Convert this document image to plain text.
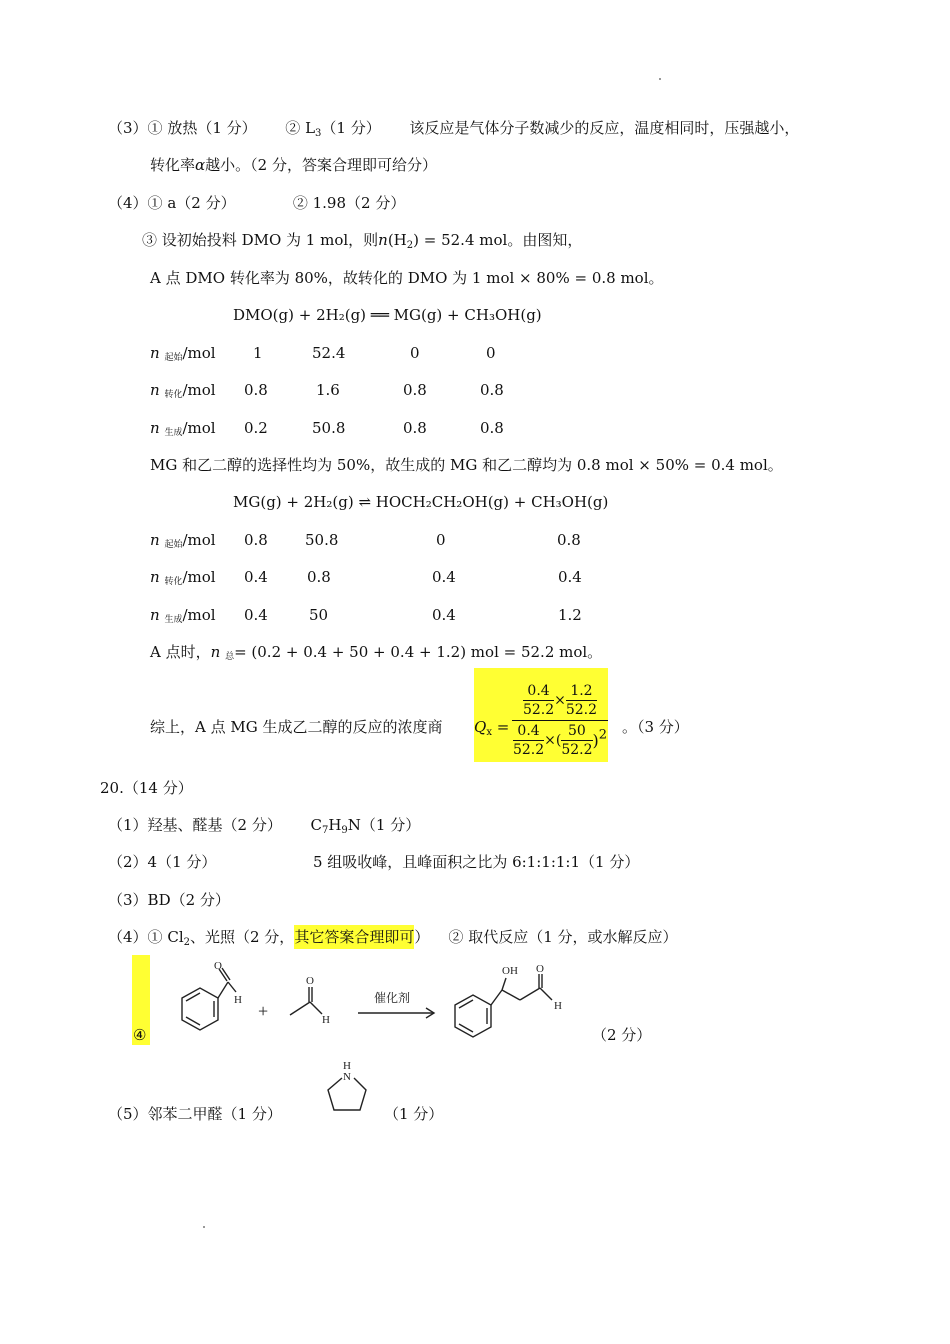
（3）① 放热（1 分） ② $L_3(1$ 分） 该反应是气体分子数减少的反应，温度相同时，压强越小，
转化率α越小。（2 分，答案合理即可给分）
（4）① a（2 分）	② 1.98（2 分）
③ 设初始投料 DMO 为 1 mol，则$n(H_2) = 52.4$ mol。由图知，
A 点 DMO 转化率为 80%，故转化的 DMO 为 1 mol × 80% = 0.8 mol。
DMO(g) + 2H₂(g) ══ MG(g) + CH₃OH(g)
n 起始/mol 1	52.4	0	0
n 转化/mol 0.8	1.6	0.8	0.8
n 生成/mol 0.2	50.8	0.8	0.8
MG 和乙二醇的选择性均为 50%，故生成的 MG 和乙二醇均为 0.8 mol × 50% = 0.4 mol。
MG(g) + 2H₂(g) ⇌ HOCH₂CH₂OH(g) + CH₃OH(g)
n 起始/mol 0.8 50.8	0	0.8
n 转化/mol 0.4	0.8	0.4	0.4
n 生成/mol 0.4	50	0.4	1.2
A 点时，n 总= (0.2 + 0.4 + 50 + 0.4 + 1.2) mol = 52.2 mol。
综上，A 点 MG 生成乙二醇的反应的浓度商 $Q_x = \frac{\frac{0.4}{52.2} \times \frac{1.2}{52.2}}{\frac{0.4}{52.2} \times( \frac{50}{52.2} )2}$ 。（3 分）
20.（14 分）
（1）羟基、醛基（2 分） $C_7H_9N(1$ 分）
（2）4（1 分）	5 组吸收峰，且峰面积之比为 6:1:1:1:1（1 分）
（3）BD（2 分）
（4）① $Cl_2$、光照（2 分，其它答案合理即可） ② 取代反应（1 分，或水解反应）
④
H
O
+
O
H
催化剂
OH O
H
（2 分）
（5）邻苯二甲醛（1 分）
H
N
（1 分）
